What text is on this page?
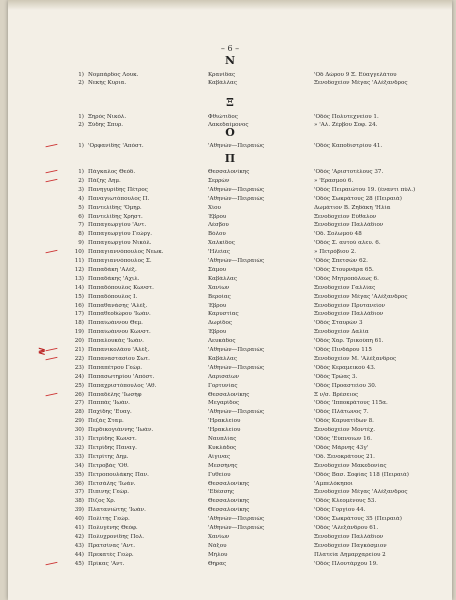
– 6 –
Ν
1) Νομπάρδος Λουκ.	Κρανίδας	'Οδ Δώρου 9 Ξ. Εύαγγελάτου
2) Νεκής Κυρια.	Καβάλλας	Ξενοδοχείον Μέγας 'Αλέξανδρος
Ξ
1) Ξηρός Νικόλ.	Φθιώτιδος	'Οδός Πολυτεχνείου 1.
2) Ξύδης Σπυρ.	Λακεδαίμονος	» 'Αλ. Ζέρβου Σοφ. 24.
Ο
1) 'Ορφανίδης 'Απόστ.	'Αθηνών—Πειραιώς	'Οδός Καποδιστρίου 41.
Π
1) Πάγκαλος Θεόδ.	Θεσσαλονίκης	'Οδός 'Αριστοτέλους 37.
2) Πάζης Δημ.	Σερρών	» 'Ερασμού 6.
3) Πανηγυρίδης Πέτρος	'Αθηνών—Πειραιώς	'Οδός Πειραιώτου 19. (έναντι πύλ.)
4) Παναγιωτόπουλος Π.	'Αθηνών—Πειραιώς	'Οδός Σωκράτους 28 (Πειραιά)
5) Παντελίδης 'Όμηρ.	Χίου	Δωμάτιον Β. Ζηδάκη 'Ηλία
6) Παντελίδης Χρήστ.	Έβρου	Ξενοδοχείον Εύθαλον
7) Παπαγεωργίου 'Αντ.	Λέσβου	Ξενοδοχείον Παλλάδιον
8) Παπαγεωργίου Γεώργ.	Βόλου	'Οδ. Σολωμού 48
9) Παπαγεωργίου Νικόλ.	Χαλκίδος	'Οδός Σ. αυτού αλευ. 6.
10) Παπαγιαννόπουλος Νεωκ.	'Ηλείας	» Πετρόβιου 2.
11) Παπαγιαννόπουλος Σ.	'Αθηνών—Πειραιώς	'Οδός Σπετσών 62.
12) Παπαδάκη 'Αλέξ.	Σάμου	'Οδός Στουρνάρα 65.
13) Παπαδάκης 'Αχιλ.	Καβάλλας	'Οδός Μητροπόλεως 6.
14) Παπαδόπουλος Κωνστ.	Χανίων	Ξενοδοχείον Γαλλίας
15) Παπαδόπουλος Ι.	Βεροίας	Ξενοδοχείον Μέγας 'Αλέξανδρος
16) Παπαθανάσης 'Αλέξ.	Έβρου	Ξενοδοχείον Πρυτανείον
17) Παπαθεοδώρου 'Ιωάν.	Καρυστίας	Ξενοδοχείον Παλλάδιον
18) Παπαϊωάννου Θεμ.	Δωρίδος	'Οδός Σταυρών 3
19) Παπαϊωάννου Κωνστ.	Έβρου	Ξενοδοχείον Δαλία
20) Παπαλουκάς 'Ιωάν.	Λευκάδος	'Οδός Χαρ. Τρικούπη 61.
21) Παπανικολάου 'Αλέξ.	'Αθηνών—Πειραιώς	'Οδός Πινδάρου 115
22) Παπαναστασίου Σωτ.	Καβάλλας	Ξενοδοχείον Μ. 'Αλέξανδρος
23) Παπαπέτρου Γεώρ.	'Αθηνών—Πειραιώς	'Οδός Κεραμεικού 43.
24) Παπασωτηρίου 'Απόστ.	Λαρισαίων	'Οδός Τρώας 3.
25) Παπαχριστόπουλος 'Αθ.	Γορτυνίας	'Οδός Προαστείου 30.
26) Παπαδέλης 'Ιωσήφ	Θεσσαλονίκης	Ξ ν/σ. Βρέσειος
27) Παππάς 'Ιωάν.	Μεγαρίδος	'Οδός 'Ιπποκράτους 115α.
28) Παχίδης 'Ευαγ.	'Αθηνών—Πειραιώς	'Οδός Πλάτωνος 7.
29) Πεζάς Σταμ.	'Ηρακλείου	'Οδός Καρυατίδων 8.
30) Περδικογιάννης 'Ιωάν.	'Ηρακλείου	Ξενοδοχείον Μοντέχ.
31) Πετρίδης Κωνστ.	Ναυπλίας	'Οδός 'Εύπνοιων 16.
32) Πετρίδης Παναγ.	Κυκλάδος	'Οδός Μάρνης 43γ'
33) Πετρίτης Δημ.	Αίγινας	'Οδ. Ξενοκράτους 21.
34) Πετροβάς 'Οθ.	Μεσσήνης	Ξενοδοχείον Μακεδονίας
35) Πετροπουλάκης Παν.	Γυθείου	'Οδός Βασ. Σοφίας 118 (Πειραιά)
36) Πετσάλης 'Ιωάν.	Θεσσαλονίκης	'Αμπελόκηποι
37) Πιπινης Γεώρ.	'Εδέσσης	Ξενοδοχείον Μέγας 'Αλέξανδρος
38) Πίζος Χρ.	Θεσσαλονίκης	'Οδός Κλεομένους 53.
39) Πλατανιώτης 'Ιωάν.	Θεσσαλονίκης	'Οδός Γοργίου 44.
40) Πολίτης Γεώρ.	'Αθηνών—Πειραιώς	'Οδός Σωκράτους 35 (Πειραιά)
41) Πολυγένης Θεόφ.	'Αθηνών—Πειραιώς	'Οδός 'Αλεξάνδρου 61.
42) Πολυχρονίδης Πολ.	Χανίων	Ξενοδοχείον Παλλάδιον
43) Πρατσίνας 'Αντ.	Νάξου	Ξενοδοχείον Παγκόσμιον
44) Πρεκατές Γεώρ.	Μήλου	Πλατεία Δημαρχαρείου 2
45) Πρίκας 'Αντ.	Θήρας	'Οδός Πλουτάρχου 19.
≷
